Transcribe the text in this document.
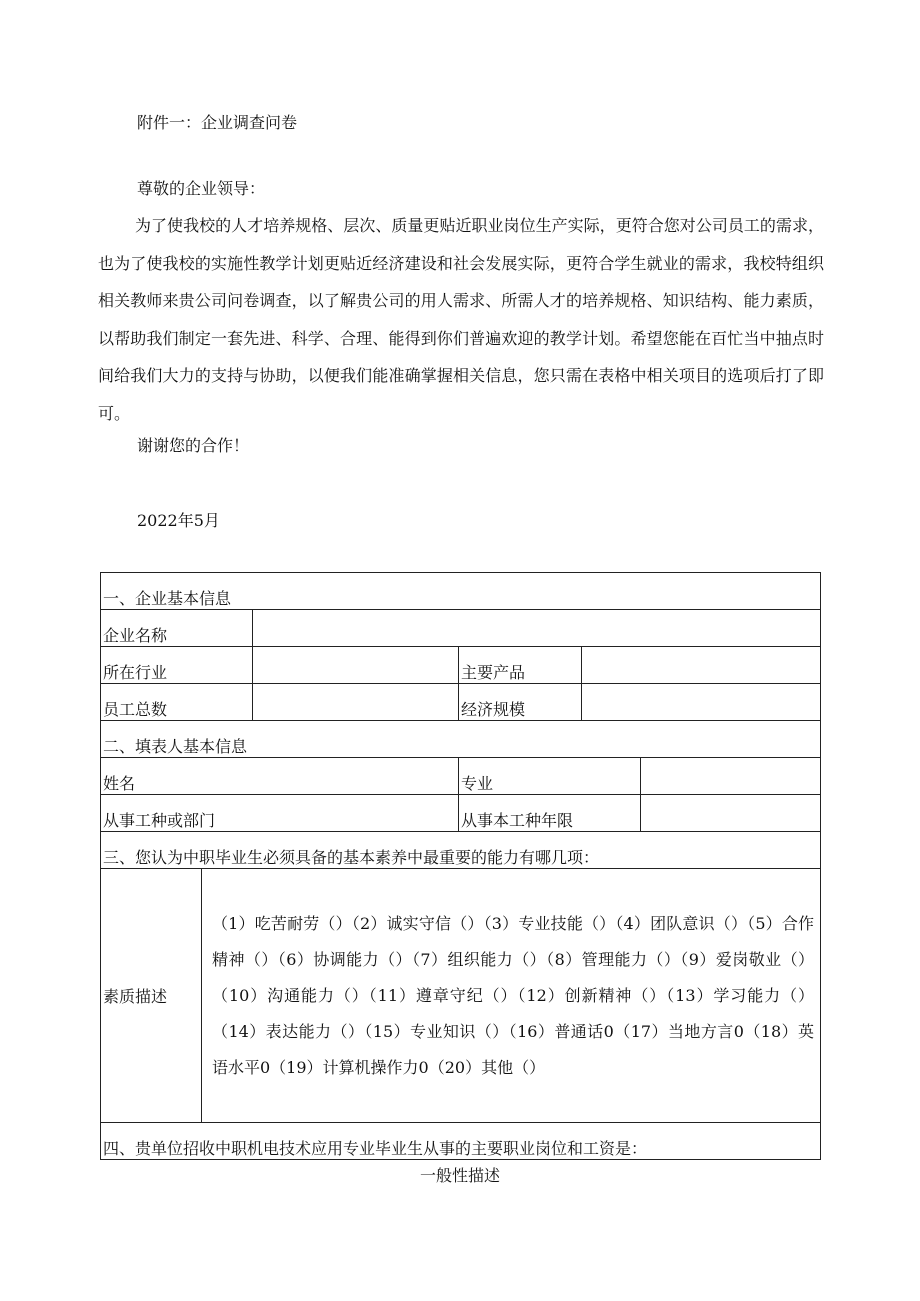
附件一：企业调查问卷
尊敬的企业领导：
为了使我校的人才培养规格、层次、质量更贴近职业岗位生产实际，更符合您对公司员工的需求，也为了使我校的实施性教学计划更贴近经济建设和社会发展实际，更符合学生就业的需求，我校特组织相关教师来贵公司问卷调查，以了解贵公司的用人需求、所需人才的培养规格、知识结构、能力素质，以帮助我们制定一套先进、科学、合理、能得到你们普遍欢迎的教学计划。希望您能在百忙当中抽点时间给我们大力的支持与协助，以便我们能准确掌握相关信息，您只需在表格中相关项目的选项后打了即可。
谢谢您的合作！
2022年5月
一、企业基本信息					
企业名称					
所在行业			主要产品		
员工总数			经济规模		
二、填表人基本信息					
姓名			专业		
从事工种或部门			从事本工种年限		
三、您认为中职毕业生必须具备的基本素养中最重要的能力有哪几项：					
素质描述	（1）吃苦耐劳（）（2）诚实守信（）（3）专业技能（）（4）团队意识（）（5）合作精神（）（6）协调能力（）（7）组织能力（）（8）管理能力（）（9）爱岗敬业（）（10）沟通能力（）（11）遵章守纪（）（12）创新精神（）（13）学习能力（）（14）表达能力（）（15）专业知识（）（16）普通话0（17）当地方言0（18）英语水平0（19）计算机操作力0（20）其他（）				
四、贵单位招收中职机电技术应用专业毕业生从事的主要职业岗位和工资是：					
一般性描述
